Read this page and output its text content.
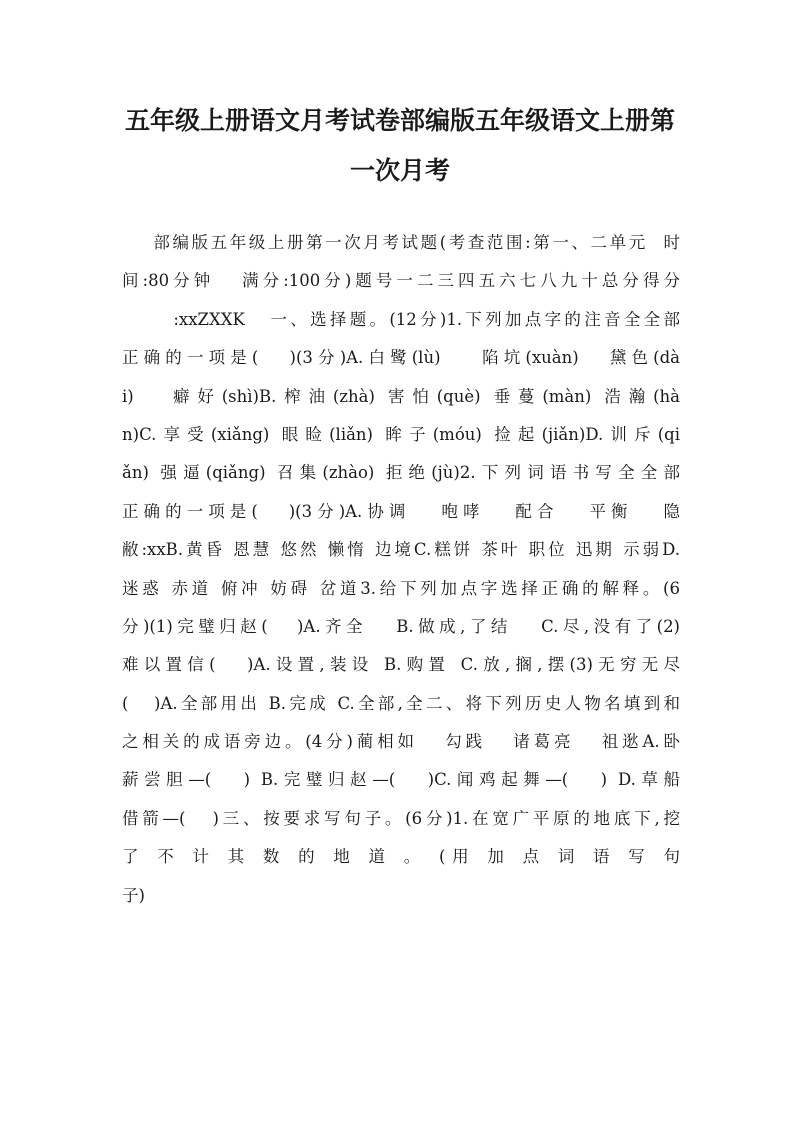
五年级上册语文月考试卷部编版五年级语文上册第
一次月考
部编版五年级上册第一次月考试题(考查范围:第一、二单元  时
间:80分钟   满分:100分)题号一二三四五六七八九十总分得分
:xxZXXK   一、选择题。(12分)1.下列加点字的注音全全部
正确的一项是(   )(3分)A.白鹭(lù)    陷坑(xuàn)   黛色(dà
i)   癖好(shì)B.榨油(zhà) 害怕(què) 垂蔓(màn) 浩瀚(hà
n)C.享受(xiǎng) 眼睑(liǎn) 眸子(móu) 捡起(jiǎn)D.训斥(qi
ǎn) 强逼(qiǎng) 召集(zhào) 拒绝(jù)2.下列词语书写全全部
正确的一项是(   )(3分)A.协调   咆哮   配合   平衡   隐
敝:xxB.黄昏 恩慧 悠然 懒惰 边境C.糕饼 茶叶 职位 迅期 示弱D.
迷惑 赤道 俯冲 妨碍 岔道3.给下列加点字选择正确的解释。(6
分)(1)完璧归赵(   )A.齐全   B.做成,了结   C.尽,没有了(2)
难以置信(   )A.设置,装设 B.购置 C.放,搁,摆(3)无穷无尽
(   )A.全部用出 B.完成 C.全部,全二、将下列历史人物名填到和
之相关的成语旁边。(4分)蔺相如   勾践   诸葛亮   祖逖A.卧
薪尝胆—(   ) B.完璧归赵—(   )C.闻鸡起舞—(   ) D.草船
借箭—(   )三、按要求写句子。(6分)1.在宽广平原的地底下,挖
了 不 计 其 数 的 地 道 。 (用 加 点 词 语 写 句
子)
